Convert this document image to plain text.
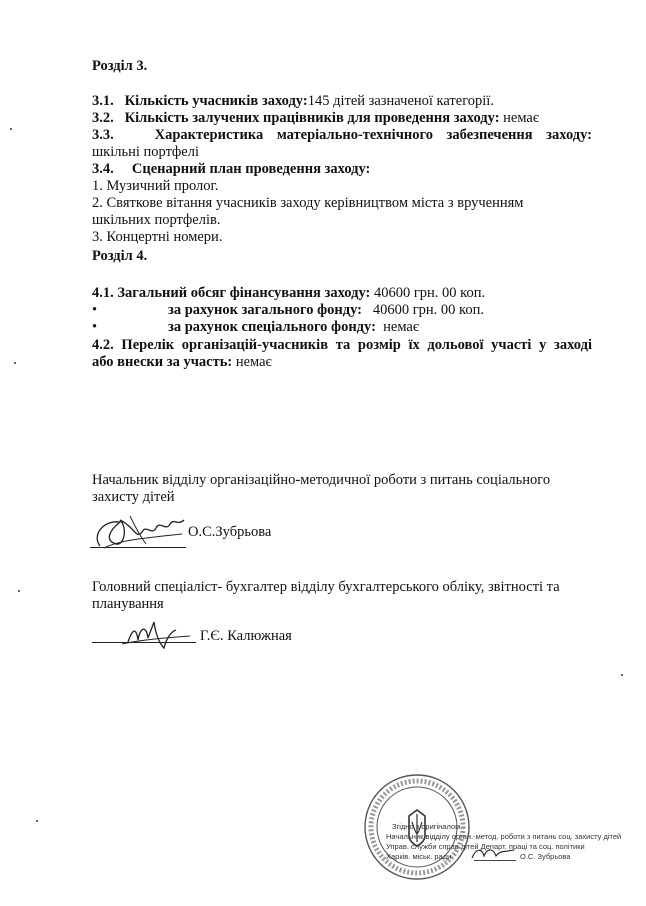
Розділ 3.
3.1. Кількість учасників заходу:145 дітей зазначеної категорії.
3.2. Кількість залучених працівників для проведення заходу: немає
3.3.	Характеристика матеріально-технічного забезпечення заходу:
шкільні портфелі
3.4. Сценарний план проведення заходу:
1. Музичний пролог.
2. Святкове вітання учасників заходу керівництвом міста з врученням
шкільних портфелів.
3. Концертні номери.
Розділ 4.
4.1. Загальний обсяг фінансування заходу: 40600 грн. 00 коп.
•	за рахунок загального фонду:
40600 грн. 00 коп.
•	за рахунок спеціального фонду:
немає
4.2. Перелік організацій-учасників та розмір їх дольової участі у заході
або внески за участь: немає
Начальник відділу організаційно-методичної роботи з питань соціального
захисту дітей
О.С.Зубрьова
Головний спеціаліст- бухгалтер відділу бухгалтерського обліку, звітності та
планування
Г.Є. Калюжная
Згідно з оригіналом
Начальник відділу орган.-метод. роботи з питань соц. захисту дітей
Управ. служби справ дітей Департ. праці та соц. політики
Харків. міськ. ради	О.С. Зубрьова
